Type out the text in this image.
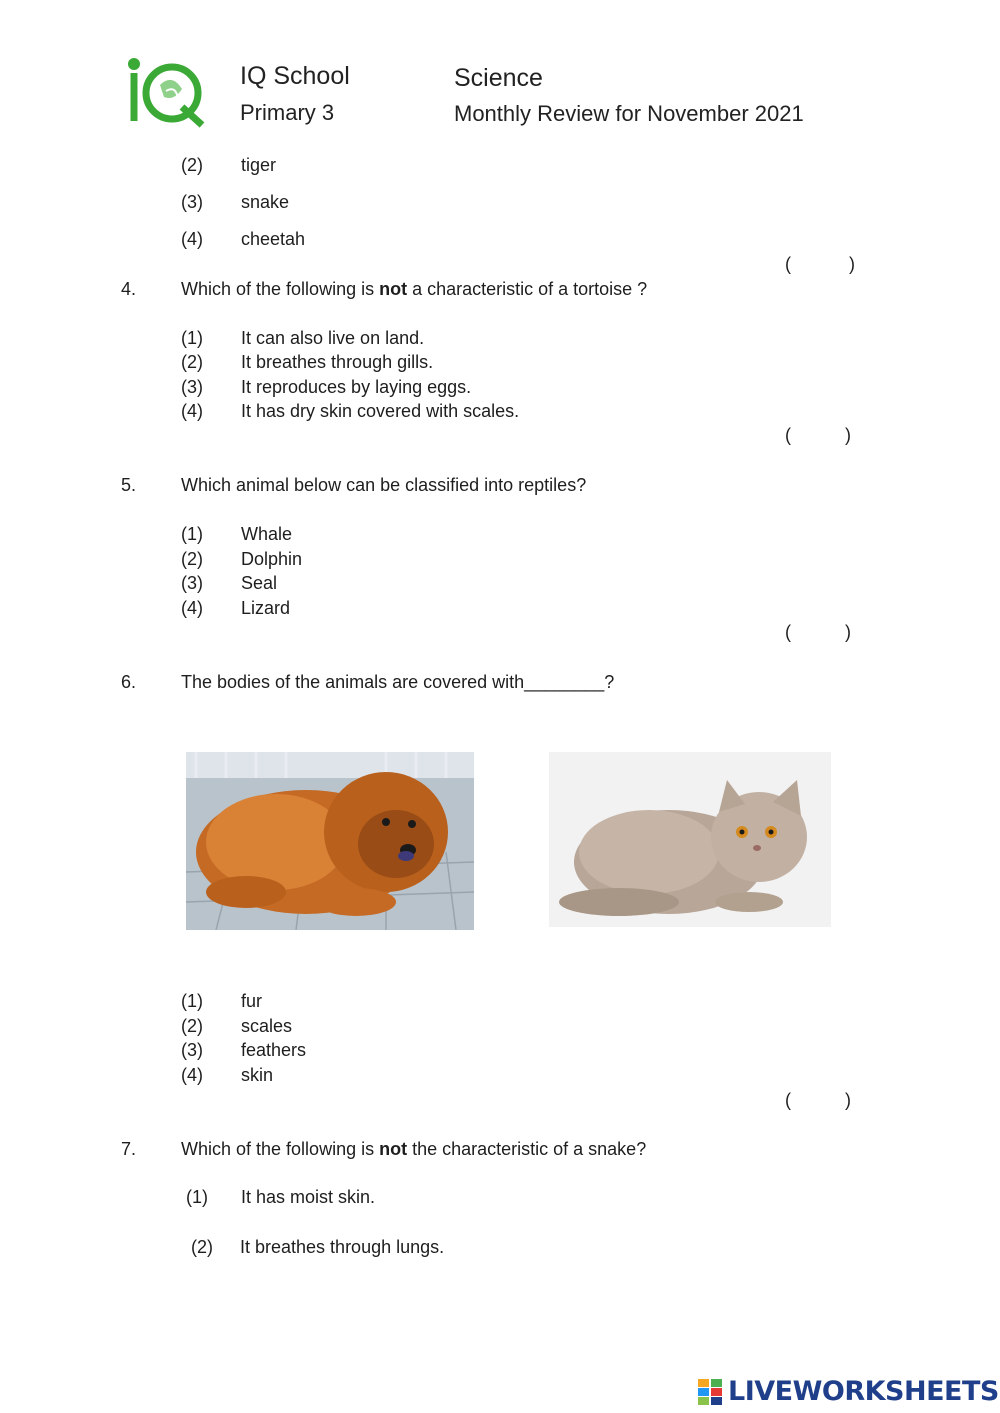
IQ School
Primary 3
Science
Monthly Review for November 2021
(2) tiger
(3) snake
(4) cheetah
(	)
4. Which of the following is not a characteristic of a tortoise ?
(1) It can also live on land.
(2) It breathes through gills.
(3) It reproduces by laying eggs.
(4) It has dry skin covered with scales.
(	)
5. Which animal below can be classified into reptiles?
(1) Whale
(2) Dolphin
(3) Seal
(4) Lizard
(	)
6. The bodies of the animals are covered with________?
(1) fur
(2) scales
(3) feathers
(4) skin
(	)
7. Which of the following is not the characteristic of a snake?
(1) It has moist skin.
(2) It breathes through lungs.
LIVEWORKSHEETS
